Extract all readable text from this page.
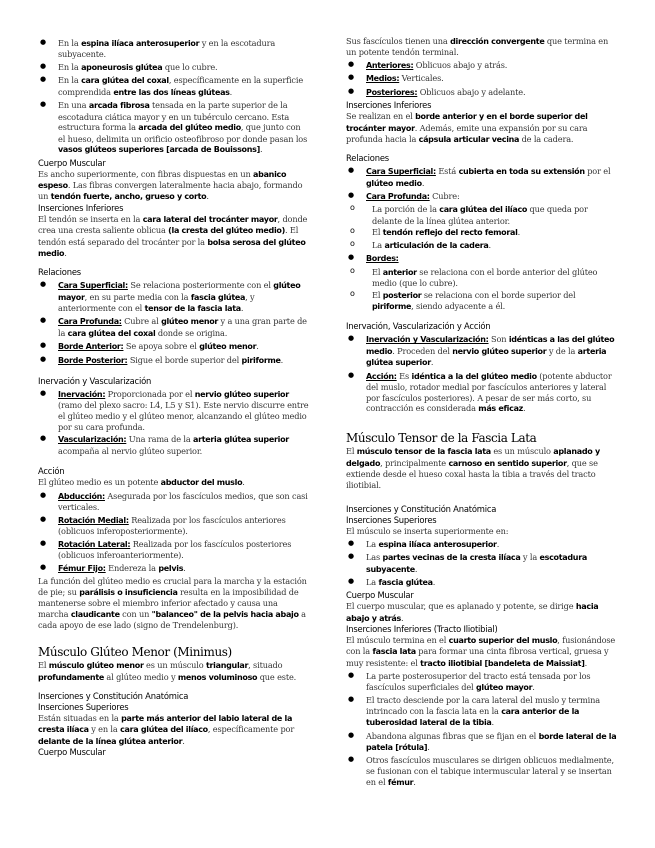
● En la espina ilíaca anterosuperior y en la escotadura subyacente.
● En la aponeurosis glútea que lo cubre.
● En la cara glútea del coxal, específicamente en la superficie comprendida entre las dos líneas glúteas.
● En una arcada fibrosa tensada en la parte superior de la escotadura ciática mayor y en un tubérculo cercano. Esta estructura forma la arcada del glúteo medio, que junto con el hueso, delimita un orificio osteofibroso por donde pasan los vasos glúteos superiores [arcada de Bouissons].

Cuerpo Muscular

Es ancho superiormente, con fibras dispuestas en un abanico espeso. Las fibras convergen lateralmente hacia abajo, formando un tendón fuerte, ancho, grueso y corto.

Inserciones Inferiores

El tendón se inserta en la cara lateral del trocánter mayor, donde crea una cresta saliente oblicua (la cresta del glúteo medio). El tendón está separado del trocánter por la bolsa serosa del glúteo medio.

Relaciones

● Cara Superficial: Se relaciona posteriormente con el glúteo mayor, en su parte media con la fascia glútea, y anteriormente con el tensor de la fascia lata.
● Cara Profunda: Cubre al glúteo menor y a una gran parte de la cara glútea del coxal donde se origina.
● Borde Anterior: Se apoya sobre el glúteo menor.
● Borde Posterior: Sigue el borde superior del piriforme.

Inervación y Vascularización

● Inervación: Proporcionada por el nervio glúteo superior (ramo del plexo sacro: L4, L5 y S1). Este nervio discurre entre el glúteo medio y el glúteo menor, alcanzando el glúteo medio por su cara profunda.
● Vascularización: Una rama de la arteria glútea superior acompaña al nervio glúteo superior.

Acción

El glúteo medio es un potente abductor del muslo.

● Abducción: Asegurada por los fascículos medios, que son casi verticales.
● Rotación Medial: Realizada por los fascículos anteriores (oblicuos inferoposteriormente).
● Rotación Lateral: Realizada por los fascículos posteriores (oblicuos inferoanteriormente).
● Fémur Fijo: Endereza la pelvis.

La función del glúteo medio es crucial para la marcha y la estación de pie; su parálisis o insuficiencia resulta en la imposibilidad de mantenerse sobre el miembro inferior afectado y causa una marcha claudicante con un "balanceo" de la pelvis hacia abajo a cada apoyo de ese lado (signo de Trendelenburg).

Músculo Glúteo Menor (Minimus)

El músculo glúteo menor es un músculo triangular, situado profundamente al glúteo medio y menos voluminoso que este.

Inserciones y Constitución Anatómica

Inserciones Superiores

Están situadas en la parte más anterior del labio lateral de la cresta ilíaca y en la cara glútea del ilíaco, específicamente por delante de la línea glútea anterior.

Cuerpo Muscular

Sus fascículos tienen una dirección convergente que termina en un potente tendón terminal.

● Anteriores: Oblicuos abajo y atrás.
● Medios: Verticales.
● Posteriores: Oblicuos abajo y adelante.

Inserciones Inferiores

Se realizan en el borde anterior y en el borde superior del trocánter mayor. Además, emite una expansión por su cara profunda hacia la cápsula articular vecina de la cadera.

Relaciones

● Cara Superficial: Está cubierta en toda su extensión por el glúteo medio.
● Cara Profunda: Cubre:
o La porción de la cara glútea del ilíaco que queda por delante de la línea glútea anterior.
o El tendón reflejo del recto femoral.
o La articulación de la cadera.
● Bordes:
o El anterior se relaciona con el borde anterior del glúteo medio (que lo cubre).
o El posterior se relaciona con el borde superior del piriforme, siendo adyacente a él.

Inervación, Vascularización y Acción

● Inervación y Vascularización: Son idénticas a las del glúteo medio. Proceden del nervio glúteo superior y de la arteria glútea superior.
● Acción: Es idéntica a la del glúteo medio (potente abductor del muslo, rotador medial por fascículos anteriores y lateral por fascículos posteriores). A pesar de ser más corto, su contracción es considerada más eficaz.

Músculo Tensor de la Fascia Lata

El músculo tensor de la fascia lata es un músculo aplanado y delgado, principalmente carnoso en sentido superior, que se extiende desde el hueso coxal hasta la tibia a través del tracto iliotibial.

Inserciones y Constitución Anatómica

Inserciones Superiores

El músculo se inserta superiormente en:

● La espina ilíaca anterosuperior.
● Las partes vecinas de la cresta ilíaca y la escotadura subyacente.
● La fascia glútea.

Cuerpo Muscular

El cuerpo muscular, que es aplanado y potente, se dirige hacia abajo y atrás.

Inserciones Inferiores (Tracto Iliotibial)

El músculo termina en el cuarto superior del muslo, fusionándose con la fascia lata para formar una cinta fibrosa vertical, gruesa y muy resistente: el tracto iliotibial [bandeleta de Maissiat].

● La parte posterosuperior del tracto está tensada por los fascículos superficiales del glúteo mayor.
● El tracto desciende por la cara lateral del muslo y termina intrincado con la fascia lata en la cara anterior de la tuberosidad lateral de la tibia.
● Abandona algunas fibras que se fijan en el borde lateral de la patela [rótula].
● Otros fascículos musculares se dirigen oblicuos medialmente, se fusionan con el tabique intermuscular lateral y se insertan en el fémur.
